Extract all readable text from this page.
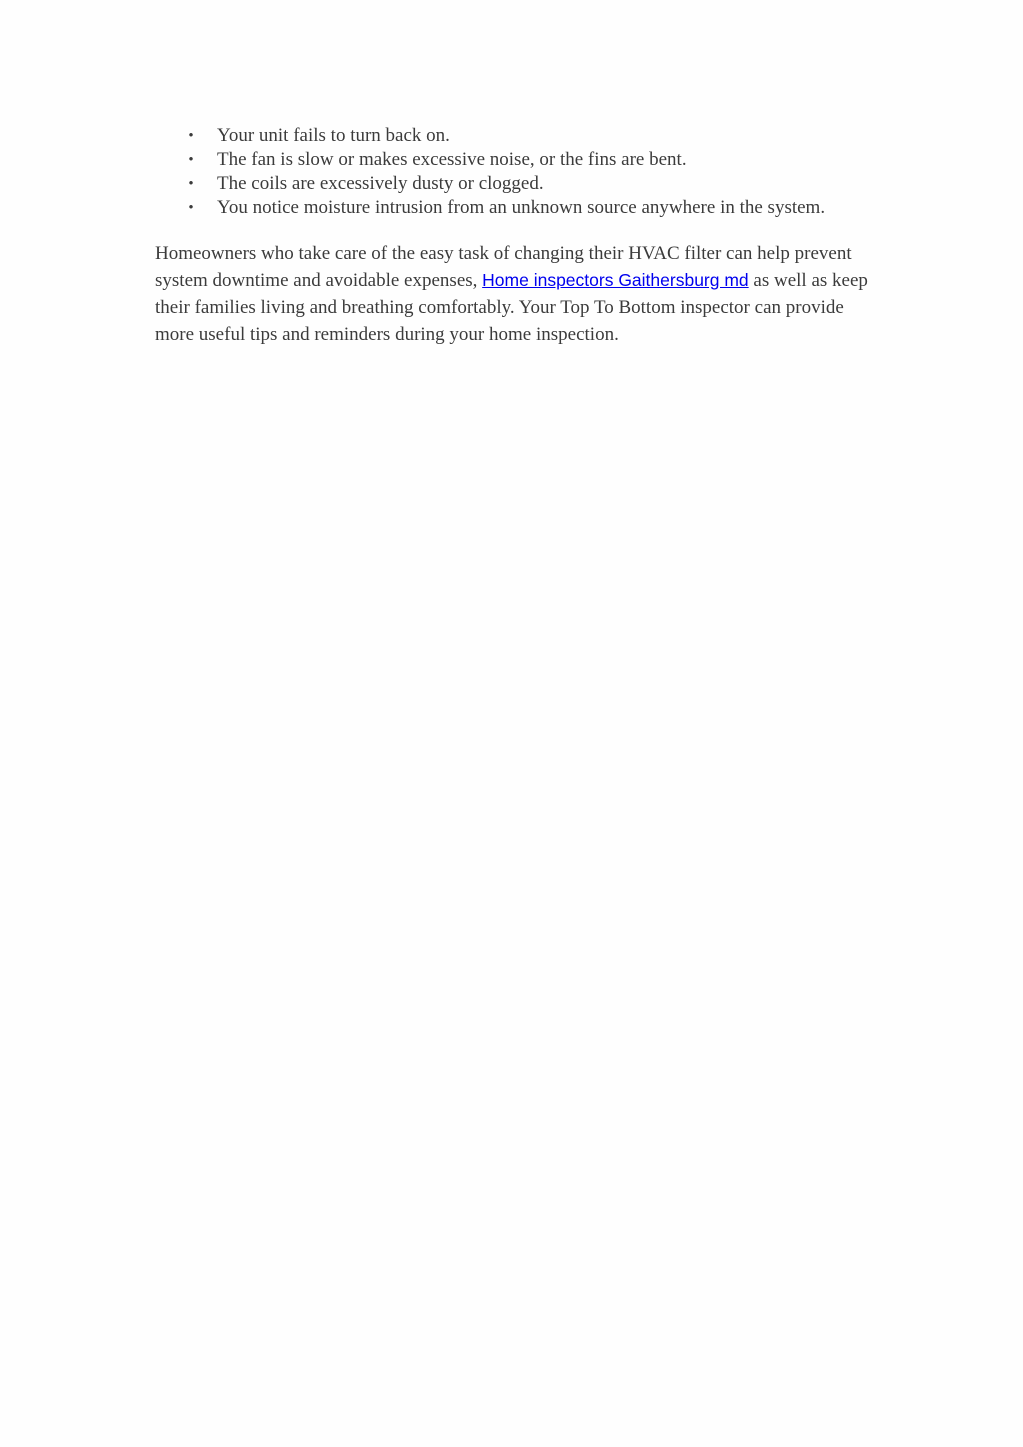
• Your unit fails to turn back on.
• The fan is slow or makes excessive noise, or the fins are bent.
• The coils are excessively dusty or clogged.
• You notice moisture intrusion from an unknown source anywhere in the system.

Homeowners who take care of the easy task of changing their HVAC filter can help prevent system downtime and avoidable expenses, Home inspectors Gaithersburg md as well as keep their families living and breathing comfortably. Your Top To Bottom inspector can provide more useful tips and reminders during your home inspection.
